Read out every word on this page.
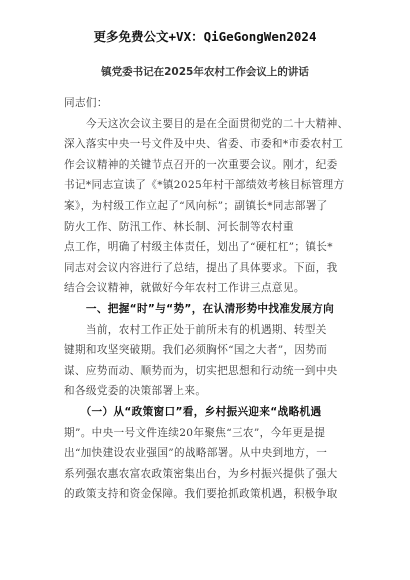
更多免费公文+VX：QiGeGongWen2024
镇党委书记在2025年农村工作会议上的讲话
同志们：
　　今天这次会议主要目的是在全面贯彻党的二十大精神、
深入落实中央一号文件及中央、省委、市委和*市委农村工
作会议精神的关键节点召开的一次重要会议。刚才，纪委
书记*同志宣读了《*镇2025年村干部绩效考核目标管理方
案》，为村级工作立起了“风向标”；副镇长*同志部署了
防火工作、防汛工作、林长制、河长制等农村重
点工作，明确了村级主体责任，划出了“硬杠杠”；镇长*
同志对会议内容进行了总结，提出了具体要求。下面，我
结合会议精神，就做好今年农村工作讲三点意见。
　　一、把握“时”与“势”，在认清形势中找准发展方向
　　当前，农村工作正处于前所未有的机遇期、转型关
键期和攻坚突破期。我们必须胸怀“国之大者”，因势而
谋、应势而动、顺势而为，切实把思想和行动统一到中央
和各级党委的决策部署上来。
　　（一）从“政策窗口”看，乡村振兴迎来“战略机遇
期”。中央一号文件连续20年聚焦“三农”，今年更是提
出“加快建设农业强国”的战略部署。从中央到地方，一
系列强农惠农富农政策密集出台，为乡村振兴提供了强大
的政策支持和资金保障。我们要抢抓政策机遇，积极争取
